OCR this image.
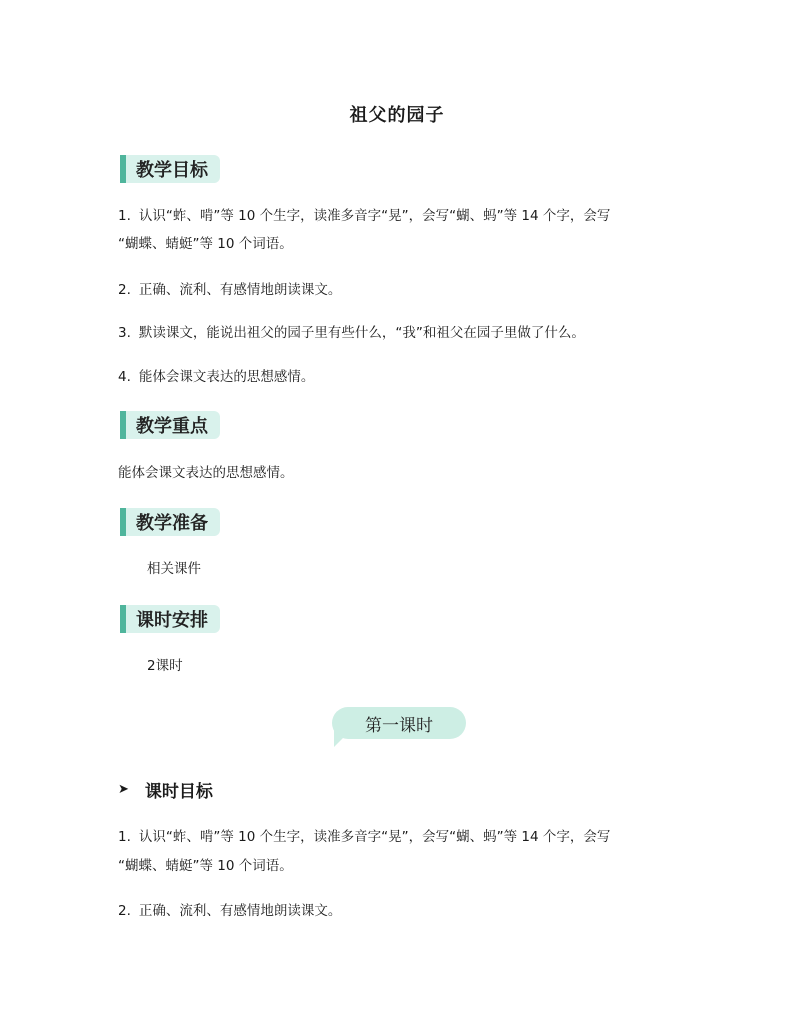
祖父的园子
教学目标
1. 认识“蚱、啃”等 10 个生字，读准多音字“晃”，会写“蝴、蚂”等 14 个字，会写
“蝴蝶、蜻蜓”等 10 个词语。
2. 正确、流利、有感情地朗读课文。
3. 默读课文，能说出祖父的园子里有些什么，“我”和祖父在园子里做了什么。
4. 能体会课文表达的思想感情。
教学重点
能体会课文表达的思想感情。
教学准备
相关课件
课时安排
2课时
第一课时
➤ 课时目标
1. 认识“蚱、啃”等 10 个生字，读准多音字“晃”，会写“蝴、蚂”等 14 个字，会写
“蝴蝶、蜻蜓”等 10 个词语。
2. 正确、流利、有感情地朗读课文。
